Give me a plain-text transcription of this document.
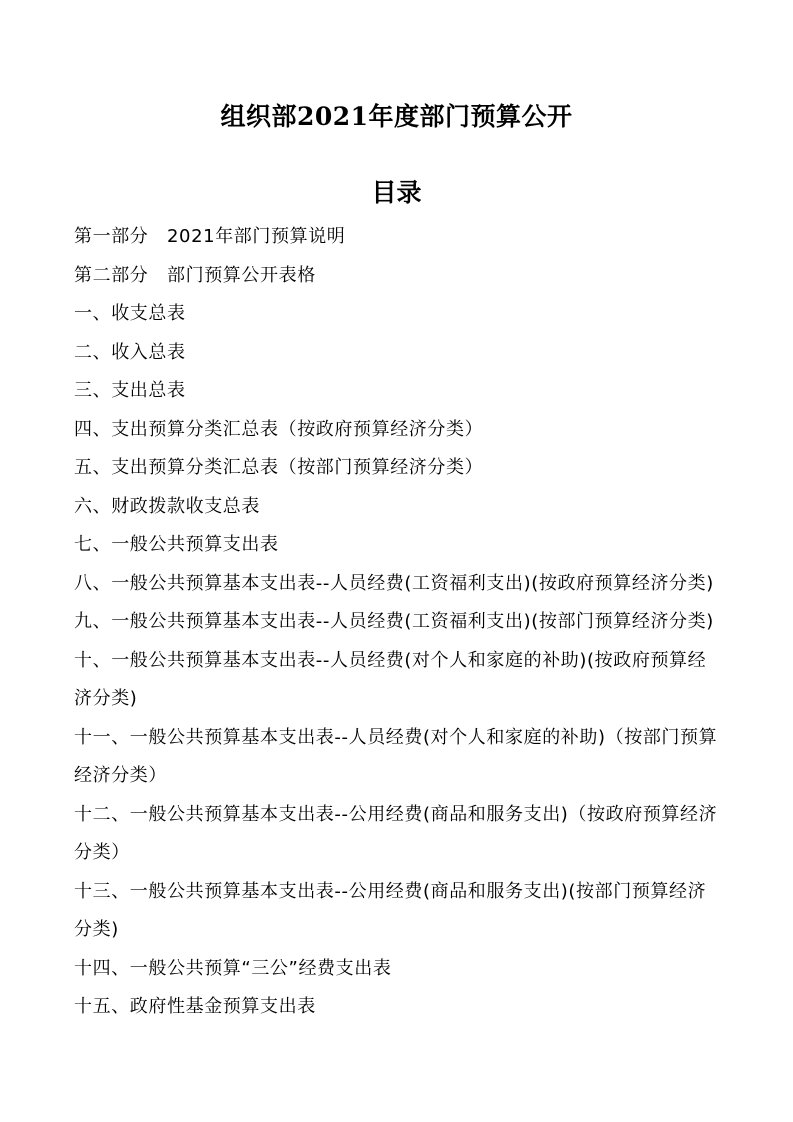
组织部2021年度部门预算公开
目录
第一部分　2021年部门预算说明
第二部分　部门预算公开表格
一、收支总表
二、收入总表
三、支出总表
四、支出预算分类汇总表（按政府预算经济分类）
五、支出预算分类汇总表（按部门预算经济分类）
六、财政拨款收支总表
七、一般公共预算支出表
八、一般公共预算基本支出表--人员经费(工资福利支出)(按政府预算经济分类)
九、一般公共预算基本支出表--人员经费(工资福利支出)(按部门预算经济分类)
十、一般公共预算基本支出表--人员经费(对个人和家庭的补助)(按政府预算经济分类)
十一、一般公共预算基本支出表--人员经费(对个人和家庭的补助)（按部门预算经济分类）
十二、一般公共预算基本支出表--公用经费(商品和服务支出)（按政府预算经济分类）
十三、一般公共预算基本支出表--公用经费(商品和服务支出)(按部门预算经济分类)
十四、一般公共预算“三公”经费支出表
十五、政府性基金预算支出表
